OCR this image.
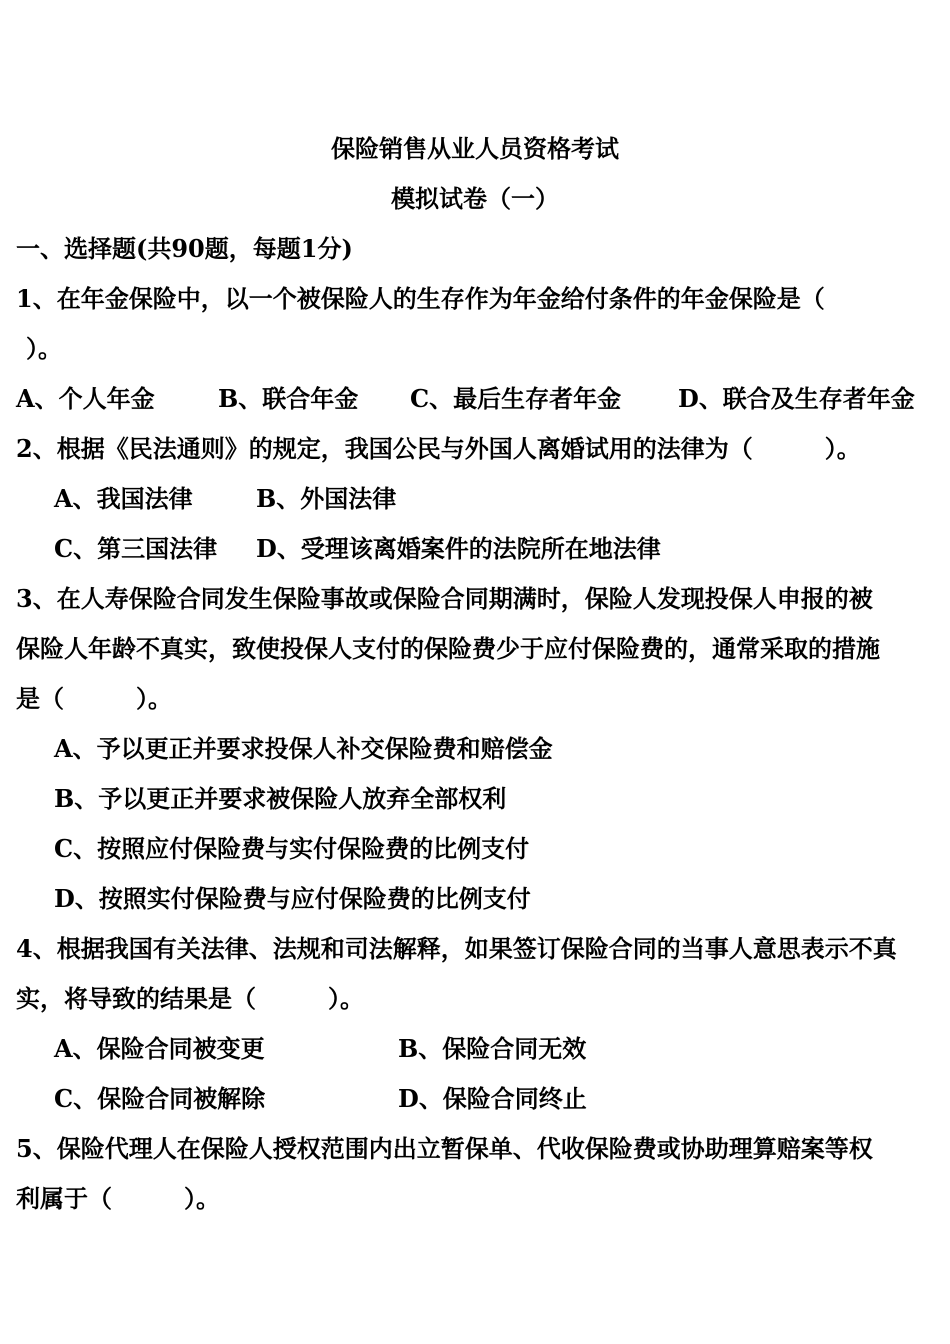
保险销售从业人员资格考试
模拟试卷（一）
一、选择题(共90题，每题1分)
1、在年金保险中，以一个被保险人的生存作为年金给付条件的年金保险是（
）。
A、个人年金	B、联合年金 C、最后生存者年金 D、联合及生存者年金
2、根据《民法通则》的规定，我国公民与外国人离婚试用的法律为（　　　）。
A、我国法律	B、外国法律
C、第三国法律 D、受理该离婚案件的法院所在地法律
3、在人寿保险合同发生保险事故或保险合同期满时，保险人发现投保人申报的被
保险人年龄不真实，致使投保人支付的保险费少于应付保险费的，通常采取的措施
是（　　　）。
A、予以更正并要求投保人补交保险费和赔偿金
B、予以更正并要求被保险人放弃全部权利
C、按照应付保险费与实付保险费的比例支付
D、按照实付保险费与应付保险费的比例支付
4、根据我国有关法律、法规和司法解释，如果签订保险合同的当事人意思表示不真
实，将导致的结果是（　　　）。
A、保险合同被变更	B、保险合同无效
C、保险合同被解除	D、保险合同终止
5、保险代理人在保险人授权范围内出立暂保单、代收保险费或协助理算赔案等权
利属于（　　　）。
